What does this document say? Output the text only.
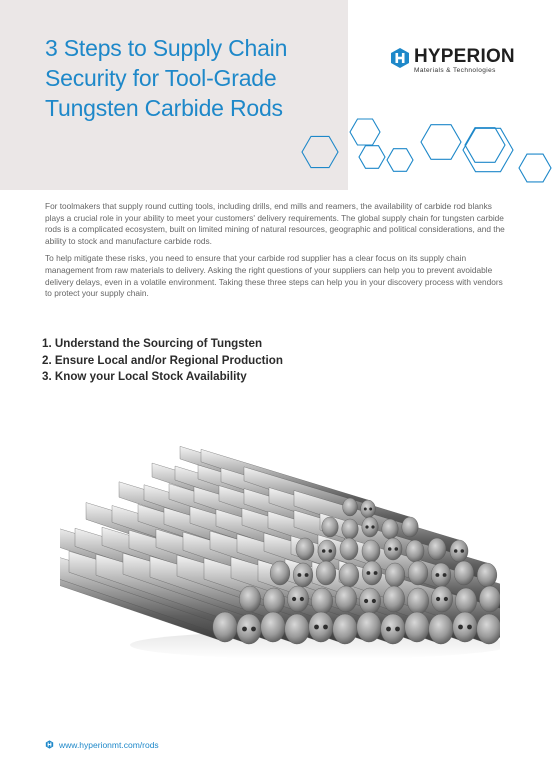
3 Steps to Supply Chain
Security for Tool-Grade
Tungsten Carbide Rods
HYPERION
Materials & Technologies

For toolmakers that supply round cutting tools, including drills, end mills and reamers, the availability of carbide rod blanks plays a crucial role in your ability to meet your customers' delivery requirements. The global supply chain for tungsten carbide rods is a complicated ecosystem, built on limited mining of natural resources, geographic and political considerations, and the ability to stock and manufacture carbide rods.

To help mitigate these risks, you need to ensure that your carbide rod supplier has a clear focus on its supply chain management from raw materials to delivery. Asking the right questions of your suppliers can help you to prevent avoidable delivery delays, even in a volatile environment. Taking these three steps can help you in your discovery process with vendors to protect your supply chain.

1. Understand the Sourcing of Tungsten
2. Ensure Local and/or Regional Production
3. Know your Local Stock Availability
www.hyperionmt.com/rods
